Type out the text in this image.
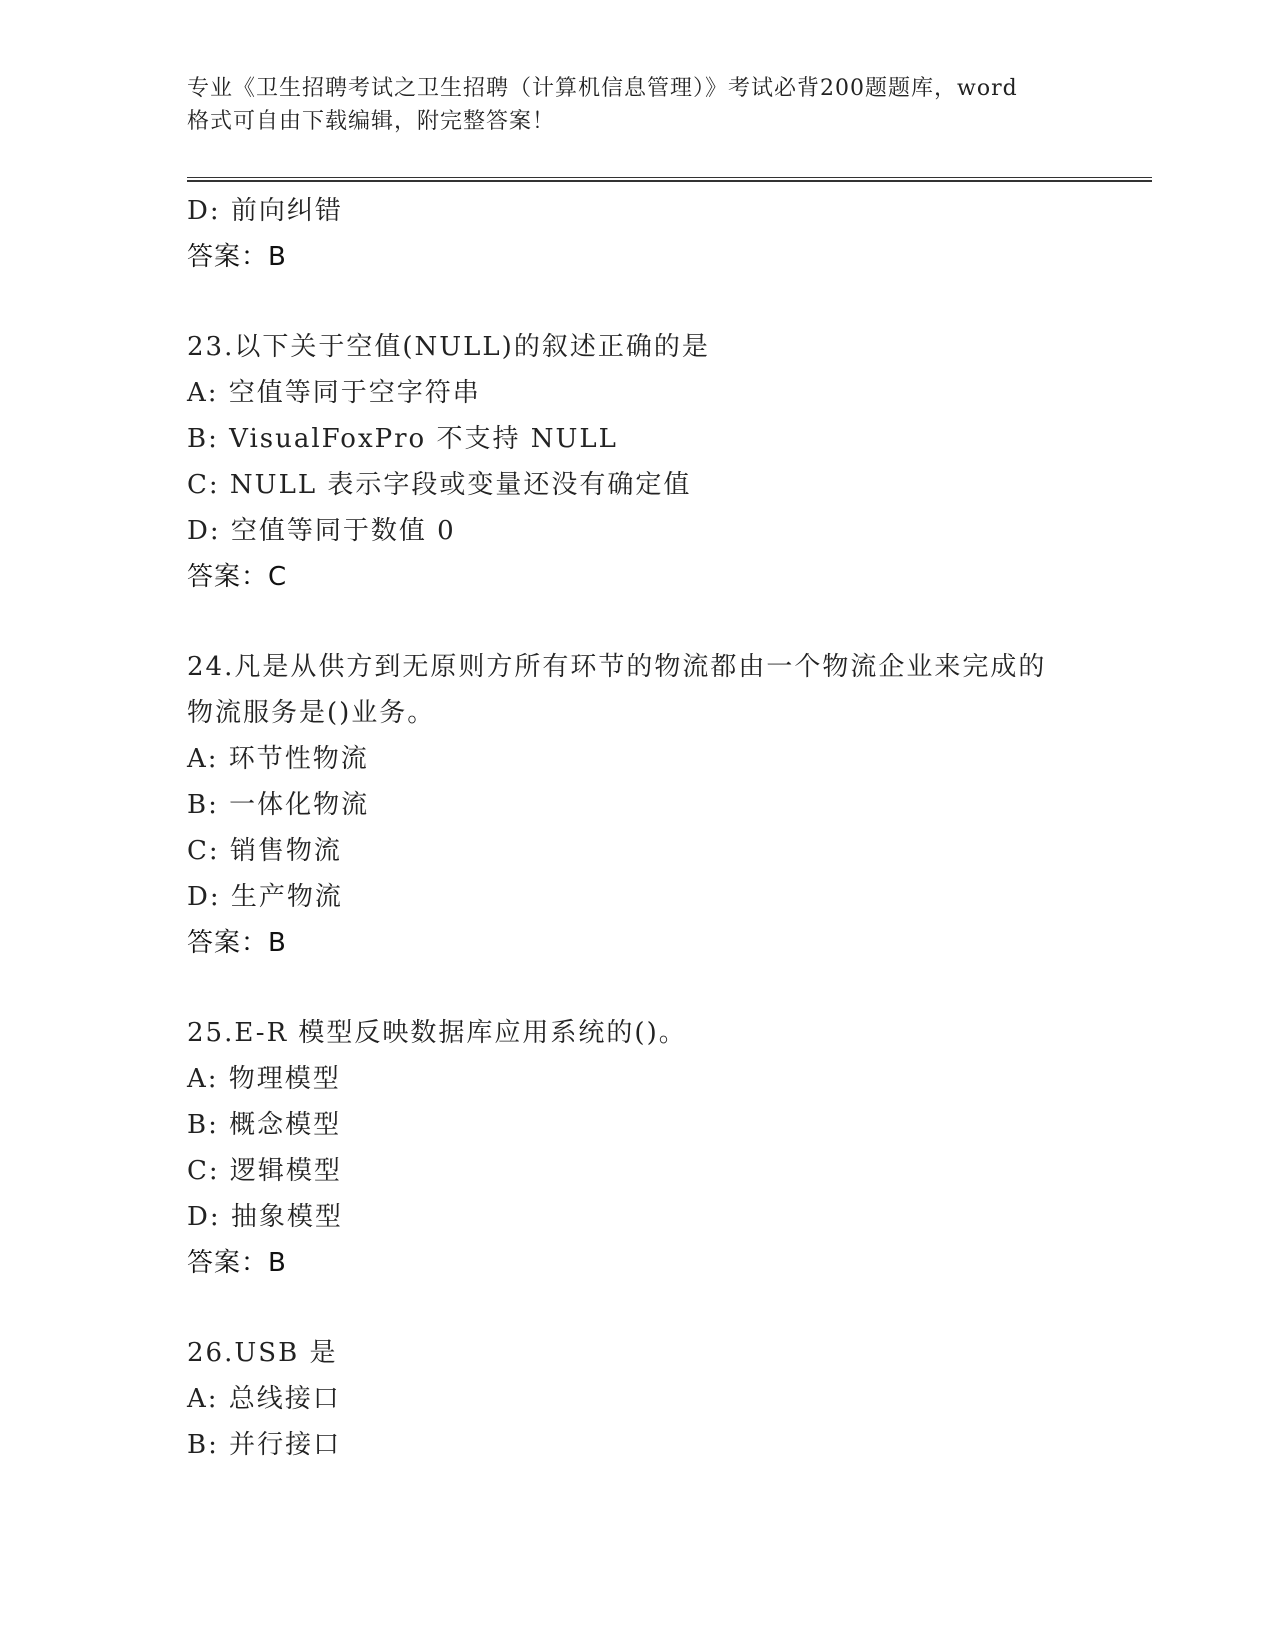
专业《卫生招聘考试之卫生招聘（计算机信息管理）》考试必背200题题库，word
格式可自由下载编辑，附完整答案！
D: 前向纠错
答案：B
23.以下关于空值(NULL)的叙述正确的是
A: 空值等同于空字符串
B: VisualFoxPro 不支持 NULL
C: NULL 表示字段或变量还没有确定值
D: 空值等同于数值 0
答案：C
24.凡是从供方到无原则方所有环节的物流都由一个物流企业来完成的
物流服务是()业务。
A: 环节性物流
B: 一体化物流
C: 销售物流
D: 生产物流
答案：B
25.E-R 模型反映数据库应用系统的()。
A: 物理模型
B: 概念模型
C: 逻辑模型
D: 抽象模型
答案：B
26.USB 是
A: 总线接口
B: 并行接口
